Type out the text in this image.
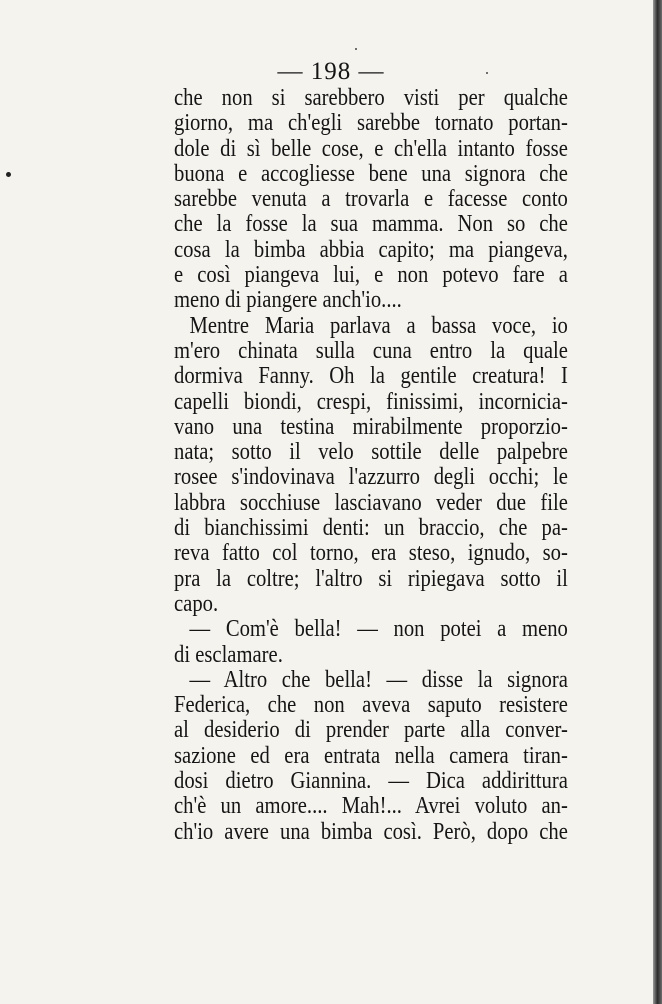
— 198 —
che non si sarebbero visti per qualche
giorno, ma ch'egli sarebbe tornato portan-
dole di sì belle cose, e ch'ella intanto fosse
buona e accogliesse bene una signora che
sarebbe venuta a trovarla e facesse conto
che la fosse la sua mamma. Non so che
cosa la bimba abbia capito; ma piangeva,
e così piangeva lui, e non potevo fare a
meno di piangere anch'io....
Mentre Maria parlava a bassa voce, io
m'ero chinata sulla cuna entro la quale
dormiva Fanny. Oh la gentile creatura! I
capelli biondi, crespi, finissimi, incornicia-
vano una testina mirabilmente proporzio-
nata; sotto il velo sottile delle palpebre
rosee s'indovinava l'azzurro degli occhi; le
labbra socchiuse lasciavano veder due file
di bianchissimi denti: un braccio, che pa-
reva fatto col torno, era steso, ignudo, so-
pra la coltre; l'altro si ripiegava sotto il
capo.
— Com'è bella! — non potei a meno
di esclamare.
— Altro che bella! — disse la signora
Federica, che non aveva saputo resistere
al desiderio di prender parte alla conver-
sazione ed era entrata nella camera tiran-
dosi dietro Giannina. — Dica addirittura
ch'è un amore.... Mah!... Avrei voluto an-
ch'io avere una bimba così. Però, dopo che
